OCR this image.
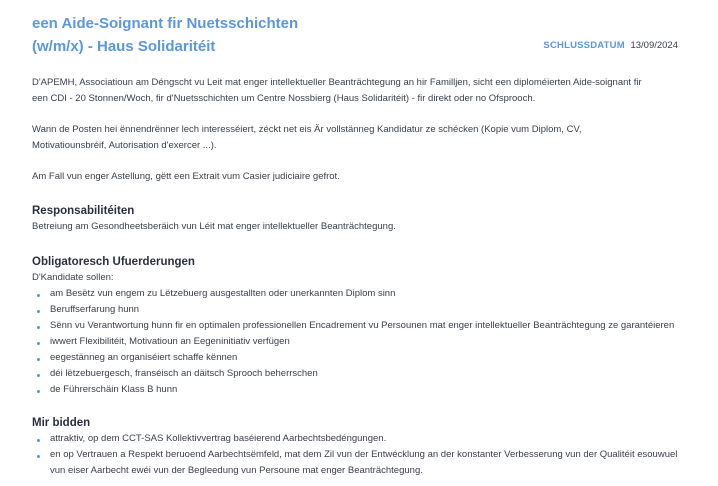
een Aide-Soignant fir Nuetsschichten
(w/m/x) - Haus Solidaritéit	SCHLUSSDATUM 13/09/2024

D'APEMH, Associatioun am Déngscht vu Leit mat enger intellektueller Beanträchtegung an hir Familljen, sicht een diploméierten Aide-soignant fir een CDI - 20 Stonnen/Woch, fir d'Nuetsschichten um Centre Nossbierg (Haus Solidaritéit) - fir direkt oder no Ofsprooch.

Wann de Posten hei ënnendrënner lech interesséiert, zéckt net eis Är vollstänneg Kandidatur ze schécken (Kopie vum Diplom, CV, Motivatiounsbréif, Autorisation d'exercer ...).

Am Fall vun enger Astellung, gëtt een Extrait vum Casier judiciaire gefrot.

Responsabilitéiten

Betreiung am Gesondheetsberäich vun Léit mat enger intellektueller Beanträchtegung.

Obligatoresch Ufuerderungen

D'Kandidate sollen:

am Besëtz vun engem zu Lëtzebuerg ausgestallten oder unerkannten Diplom sinn
Beruffserfarung hunn
Sënn vu Verantwortung hunn fir en optimalen professionellen Encadrement vu Persounen mat enger intellektueller Beanträchtegung ze garantéieren
iwwert Flexibilitéit, Motivatioun an Eegeninitiativ verfügen
eegestänneg an organiséiert schaffe kënnen
déi lëtzebuergesch, franséisch an däitsch Sprooch beherrschen
de Führerschäin Klass B hunn
Mir bidden
attraktiv, op dem CCT-SAS Kollektivvertrag baséierend Aarbechtsbedéngungen.
en op Vertrauen a Respekt beruoend Aarbechtsëmfeld, mat dem Zil vun der Entwécklung an der konstanter Verbesserung vun der Qualitéit esouwuel vun eiser Aarbecht ewéi vun der Begleedung vun Persoune mat enger Beanträchtegung.
